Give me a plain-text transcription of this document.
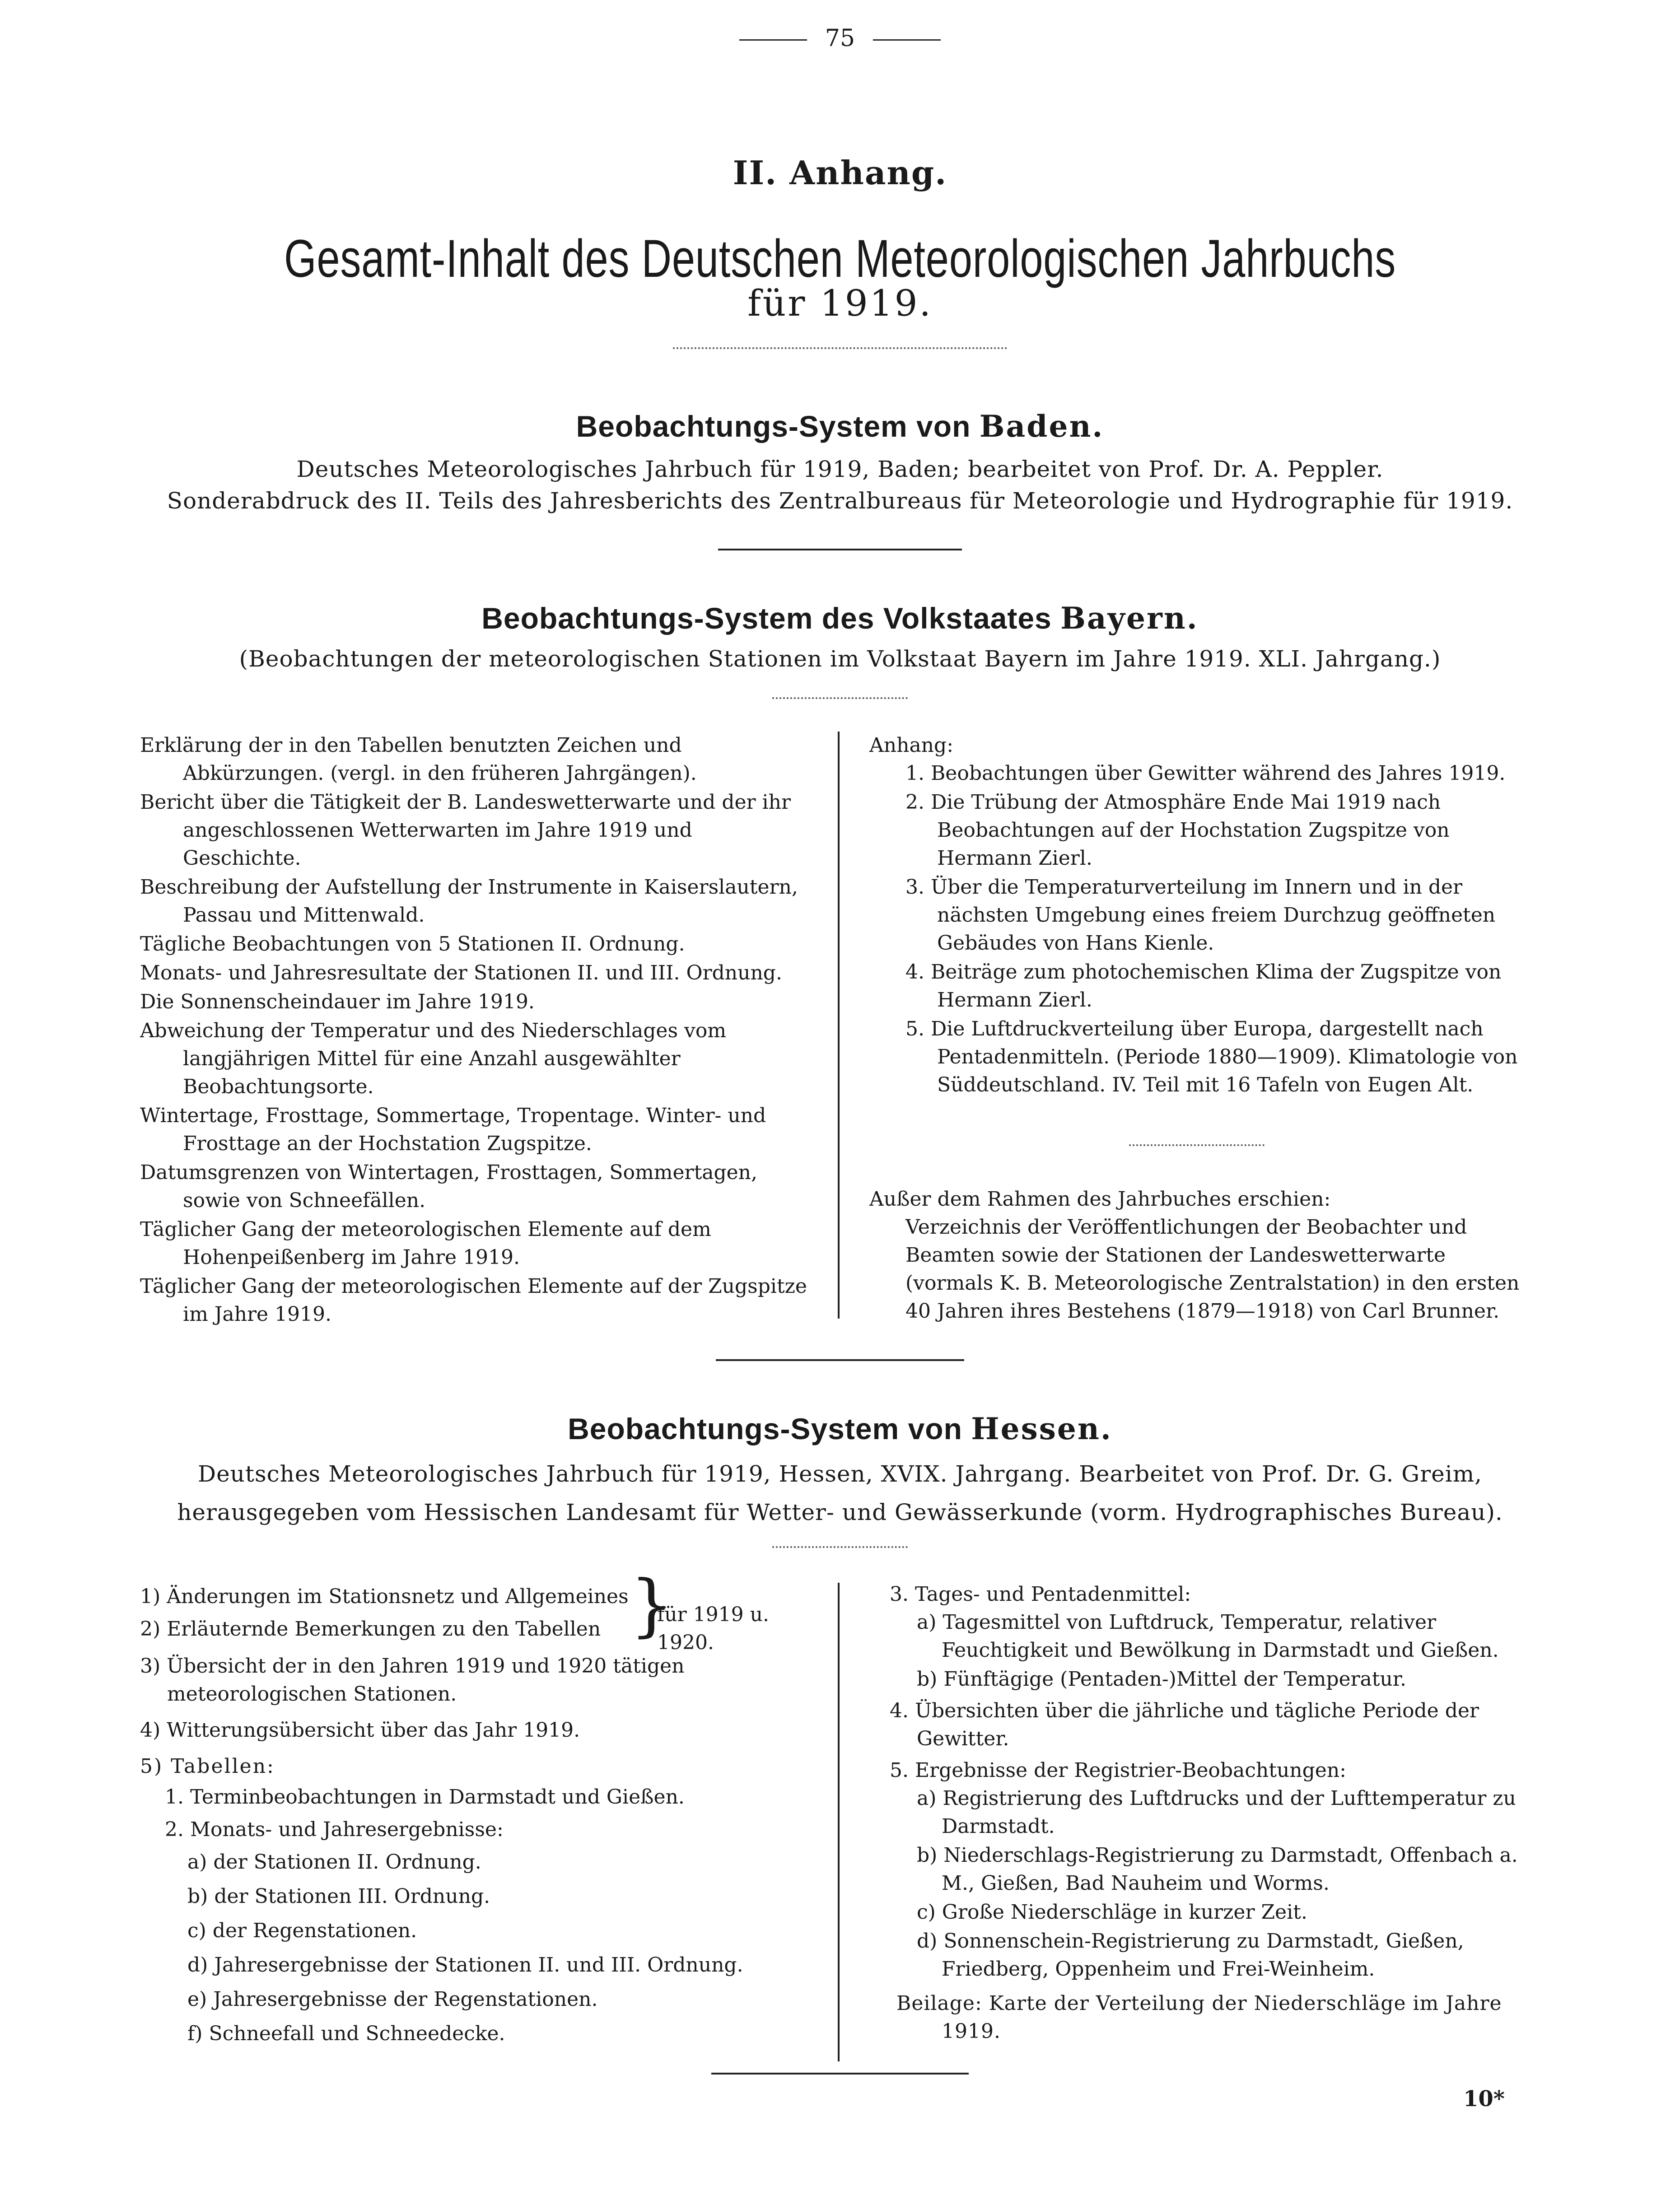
75
II. Anhang.
Gesamt-Inhalt des Deutschen Meteorologischen Jahrbuchs
für 1919.
Beobachtungs-System von Baden.
Deutsches Meteorologisches Jahrbuch für 1919, Baden; bearbeitet von Prof. Dr. A. Peppler.
Sonderabdruck des II. Teils des Jahresberichts des Zentralbureaus für Meteorologie und Hydrographie für 1919.
Beobachtungs-System des Volkstaates Bayern.
(Beobachtungen der meteorologischen Stationen im Volkstaat Bayern im Jahre 1919. XLI. Jahrgang.)
Erklärung der in den Tabellen benutzten Zeichen und Abkürzungen. (vergl. in den früheren Jahrgängen).
Bericht über die Tätigkeit der B. Landeswetterwarte und der ihr angeschlossenen Wetterwarten im Jahre 1919 und Geschichte.
Beschreibung der Aufstellung der Instrumente in Kaiserslautern, Passau und Mittenwald.
Tägliche Beobachtungen von 5 Stationen II. Ordnung.
Monats- und Jahresresultate der Stationen II. und III. Ordnung.
Die Sonnenscheindauer im Jahre 1919.
Abweichung der Temperatur und des Niederschlages vom langjährigen Mittel für eine Anzahl ausgewählter Beobachtungsorte.
Wintertage, Frosttage, Sommertage, Tropentage. Winter- und Frosttage an der Hochstation Zugspitze.
Datumsgrenzen von Wintertagen, Frosttagen, Sommertagen, sowie von Schneefällen.
Täglicher Gang der meteorologischen Elemente auf dem Hohenpeißenberg im Jahre 1919.
Täglicher Gang der meteorologischen Elemente auf der Zugspitze im Jahre 1919.
Anhang:
1. Beobachtungen über Gewitter während des Jahres 1919.
2. Die Trübung der Atmosphäre Ende Mai 1919 nach Beobachtungen auf der Hochstation Zugspitze von Hermann Zierl.
3. Über die Temperaturverteilung im Innern und in der nächsten Umgebung eines freiem Durchzug geöffneten Gebäudes von Hans Kienle.
4. Beiträge zum photochemischen Klima der Zugspitze von Hermann Zierl.
5. Die Luftdruckverteilung über Europa, dargestellt nach Pentadenmitteln. (Periode 1880—1909). Klimatologie von Süddeutschland. IV. Teil mit 16 Tafeln von Eugen Alt.
Außer dem Rahmen des Jahrbuches erschien:
Verzeichnis der Veröffentlichungen der Beobachter und Beamten sowie der Stationen der Landeswetterwarte (vormals K. B. Meteorologische Zentralstation) in den ersten 40 Jahren ihres Bestehens (1879—1918) von Carl Brunner.
Beobachtungs-System von Hessen.
Deutsches Meteorologisches Jahrbuch für 1919, Hessen, XVIX. Jahrgang. Bearbeitet von Prof. Dr. G. Greim,
herausgegeben vom Hessischen Landesamt für Wetter- und Gewässerkunde (vorm. Hydrographisches Bureau).
1) Änderungen im Stationsnetz und Allgemeines
2) Erläuternde Bemerkungen zu den Tabellen
3) Übersicht der in den Jahren 1919 und 1920 tätigen meteorologischen Stationen.
4) Witterungsübersicht über das Jahr 1919.
5) Tabellen:
1. Terminbeobachtungen in Darmstadt und Gießen.
2. Monats- und Jahresergebnisse:
a) der Stationen II. Ordnung.
b) der Stationen III. Ordnung.
c) der Regenstationen.
d) Jahresergebnisse der Stationen II. und III. Ordnung.
e) Jahresergebnisse der Regenstationen.
f) Schneefall und Schneedecke.
}
für 1919 u. 1920.
3. Tages- und Pentadenmittel:
a) Tagesmittel von Luftdruck, Temperatur, relativer Feuchtigkeit und Bewölkung in Darmstadt und Gießen.
b) Fünftägige (Pentaden-)Mittel der Temperatur.
4. Übersichten über die jährliche und tägliche Periode der Gewitter.
5. Ergebnisse der Registrier-Beobachtungen:
a) Registrierung des Luftdrucks und der Lufttemperatur zu Darmstadt.
b) Niederschlags-Registrierung zu Darmstadt, Offenbach a. M., Gießen, Bad Nauheim und Worms.
c) Große Niederschläge in kurzer Zeit.
d) Sonnenschein-Registrierung zu Darmstadt, Gießen, Friedberg, Oppenheim und Frei-Weinheim.
Beilage: Karte der Verteilung der Niederschläge im Jahre 1919.
10*
